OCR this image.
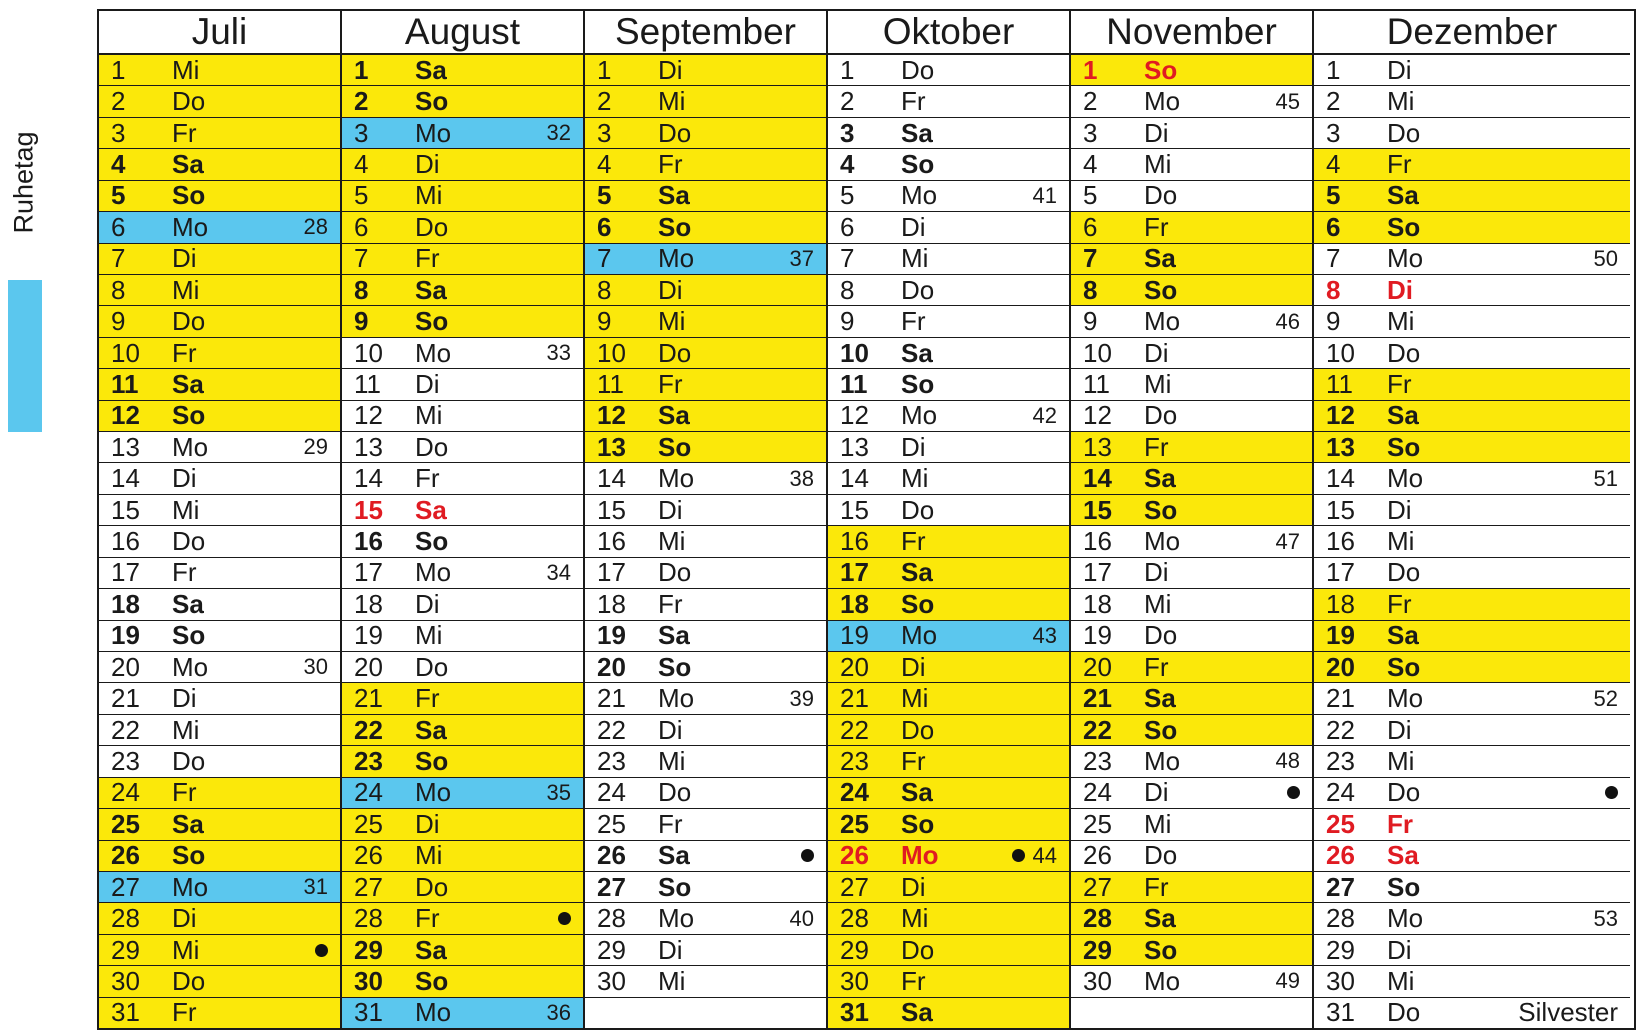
Ruhetag
Juli
1 Mi
2 Do
3 Fr
4 Sa
5 So
6 Mo	28
7 Di
8 Mi
9 Do
10 Fr
11 Sa
12 So
13 Mo	29
14 Di
15 Mi
16 Do
17 Fr
18 Sa
19 So
20 Mo	30
21 Di
22 Mi
23 Do
24 Fr
25 Sa
26 So
27 Mo	31
28 Di
29 Mi
30 Do
31 Fr
August
1 Sa
2 So
3 Mo	32
4 Di
5 Mi
6 Do
7 Fr
8 Sa
9 So
10 Mo	33
11 Di
12 Mi
13 Do
14 Fr
15 Sa
16 So
17 Mo	34
18 Di
19 Mi
20 Do
21 Fr
22 Sa
23 So
24 Mo	35
25 Di
26 Mi
27 Do
28 Fr
29 Sa
30 So
31 Mo	36
September
1 Di
2 Mi
3 Do
4 Fr
5 Sa
6 So
7 Mo	37
8 Di
9 Mi
10 Do
11 Fr
12 Sa
13 So
14 Mo	38
15 Di
16 Mi
17 Do
18 Fr
19 Sa
20 So
21 Mo	39
22 Di
23 Mi
24 Do
25 Fr
26 Sa
27 So
28 Mo	40
29 Di
30 Mi
Oktober
1 Do
2 Fr
3 Sa
4 So
5 Mo	41
6 Di
7 Mi
8 Do
9 Fr
10 Sa
11 So
12 Mo	42
13 Di
14 Mi
15 Do
16 Fr
17 Sa
18 So
19 Mo	43
20 Di
21 Mi
22 Do
23 Fr
24 Sa
25 So
26 Mo	44
27 Di
28 Mi
29 Do
30 Fr
31 Sa
November
1 So
2 Mo	45
3 Di
4 Mi
5 Do
6 Fr
7 Sa
8 So
9 Mo	46
10 Di
11 Mi
12 Do
13 Fr
14 Sa
15 So
16 Mo	47
17 Di
18 Mi
19 Do
20 Fr
21 Sa
22 So
23 Mo	48
24 Di
25 Mi
26 Do
27 Fr
28 Sa
29 So
30 Mo	49
Dezember
1 Di
2 Mi
3 Do
4 Fr
5 Sa
6 So
7 Mo	50
8 Di
9 Mi
10 Do
11 Fr
12 Sa
13 So
14 Mo	51
15 Di
16 Mi
17 Do
18 Fr
19 Sa
20 So
21 Mo	52
22 Di
23 Mi
24 Do
25 Fr
26 Sa
27 So
28 Mo	53
29 Di
30 Mi
31 Do	Silvester
